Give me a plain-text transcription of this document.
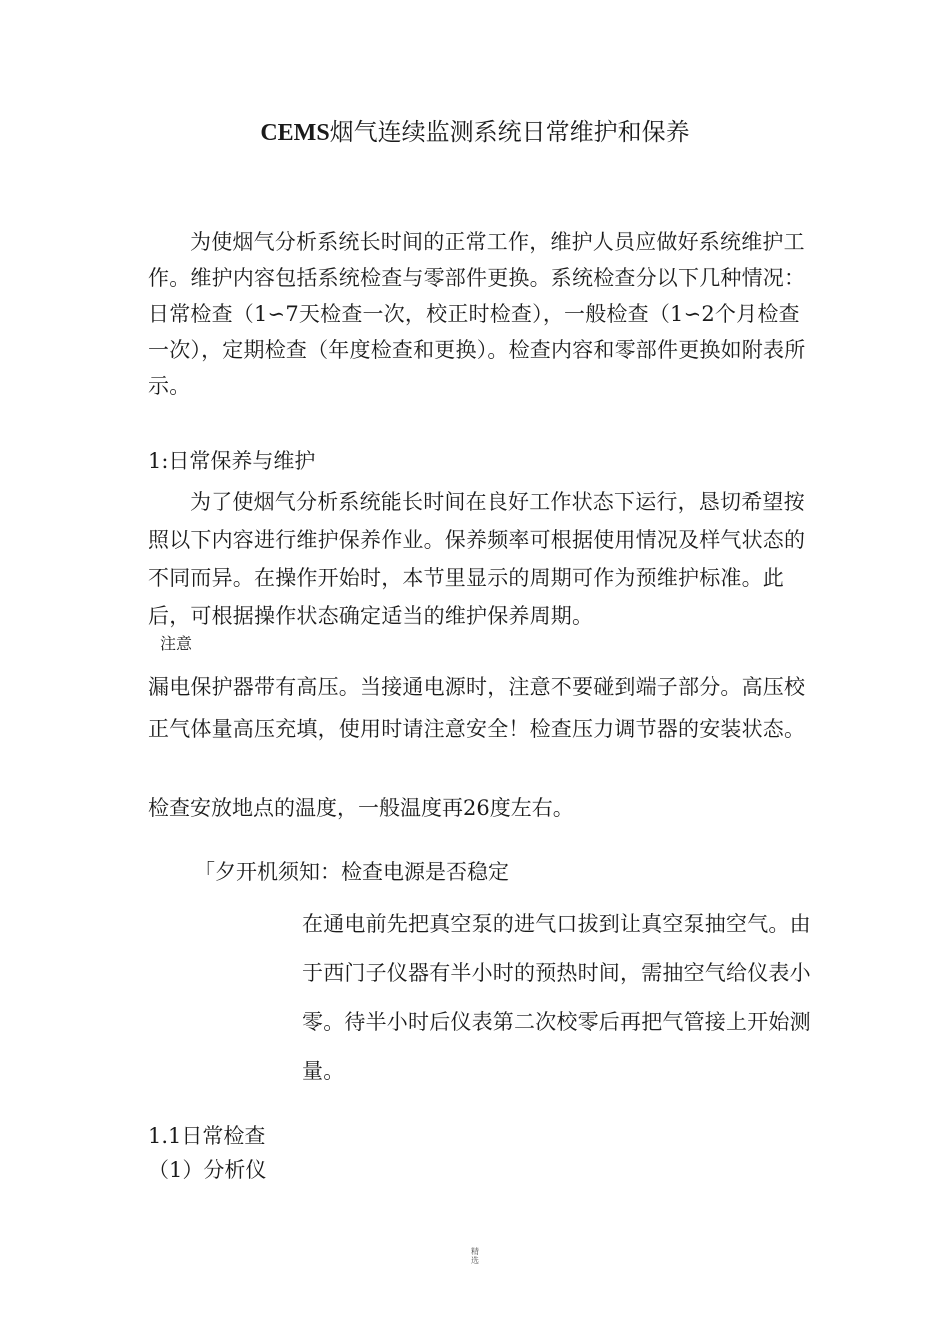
CEMS烟气连续监测系统日常维护和保养

为使烟气分析系统长时间的正常工作，维护人员应做好系统维护工作。维护内容包括系统检查与零部件更换。系统检查分以下几种情况：日常检查（1∽7天检查一次，校正时检查），一般检查（1∽2个月检查一次），定期检查（年度检查和更换）。检查内容和零部件更换如附表所示。

1:日常保养与维护

为了使烟气分析系统能长时间在良好工作状态下运行，恳切希望按照以下内容进行维护保养作业。保养频率可根据使用情况及样气状态的不同而异。在操作开始时，本节里显示的周期可作为预维护标准。此后，可根据操作状态确定适当的维护保养周期。

注意

漏电保护器带有高压。当接通电源时，注意不要碰到端子部分。高压校正气体量高压充填，使用时请注意安全！检查压力调节器的安装状态。

检查安放地点的温度，一般温度再26度左右。
「夕开机须知：检查电源是否稳定

在通电前先把真空泵的进气口拔到让真空泵抽空气。由于西门子仪器有半小时的预热时间，需抽空气给仪表小零。待半小时后仪表第二次校零后再把气管接上开始测量。

1.1日常检查
（1）分析仪
精
选
